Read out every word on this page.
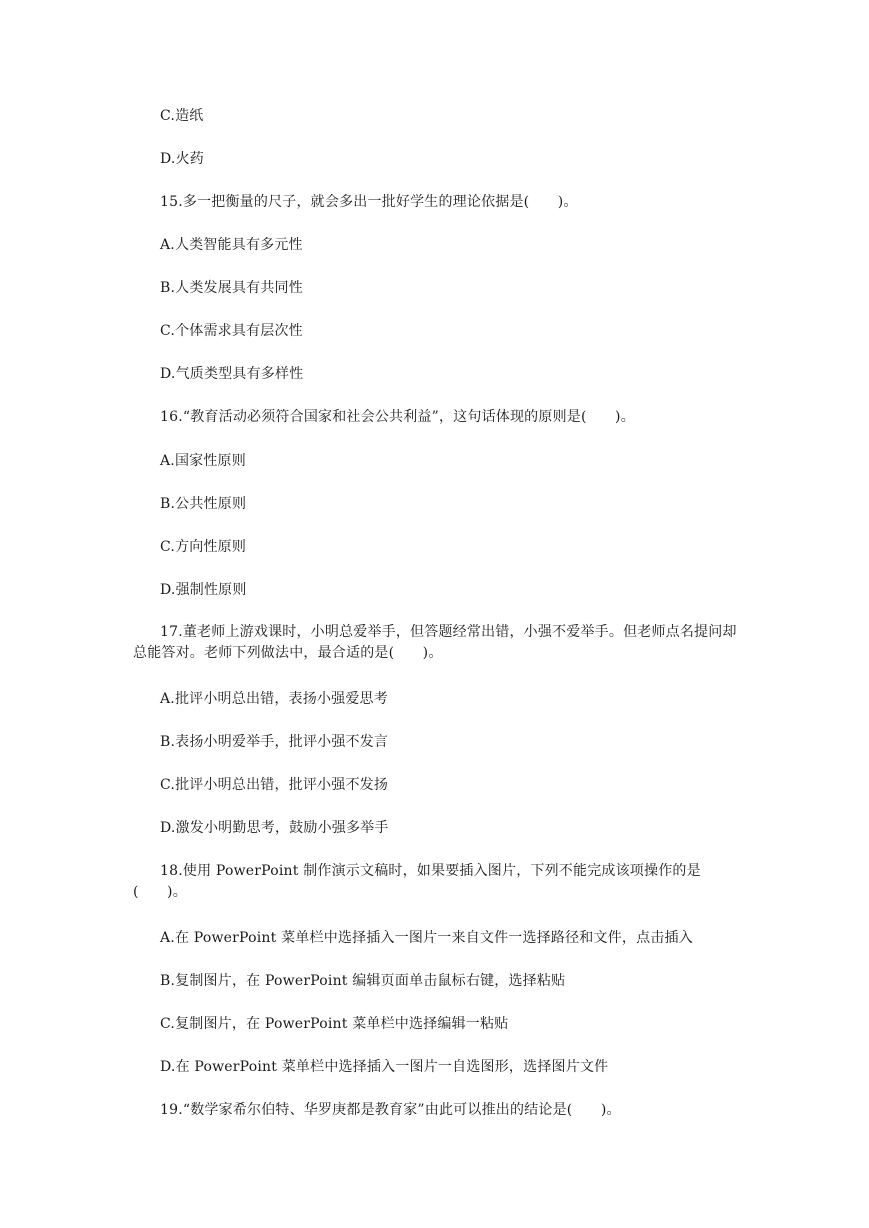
C.造纸
D.火药
15.多一把衡量的尺子，就会多出一批好学生的理论依据是(　　)。
A.人类智能具有多元性
B.人类发展具有共同性
C.个体需求具有层次性
D.气质类型具有多样性
16.“教育活动必须符合国家和社会公共利益”，这句话体现的原则是(　　)。
A.国家性原则
B.公共性原则
C.方向性原则
D.强制性原则
17.董老师上游戏课时，小明总爱举手，但答题经常出错，小强不爱举手。但老师点名提问却总能答对。老师下列做法中，最合适的是(　　)。
A.批评小明总出错，表扬小强爱思考
B.表扬小明爱举手，批评小强不发言
C.批评小明总出错，批评小强不发扬
D.激发小明勤思考，鼓励小强多举手
18.使用 PowerPoint 制作演示文稿时，如果要插入图片，下列不能完成该项操作的是(　　)。
A.在 PowerPoint 菜单栏中选择插入一图片一来自文件一选择路径和文件，点击插入
B.复制图片，在 PowerPoint 编辑页面单击鼠标右键，选择粘贴
C.复制图片，在 PowerPoint 菜单栏中选择编辑一粘贴
D.在 PowerPoint 菜单栏中选择插入一图片一自选图形，选择图片文件
19.“数学家希尔伯特、华罗庚都是教育家”由此可以推出的结论是(　　)。
